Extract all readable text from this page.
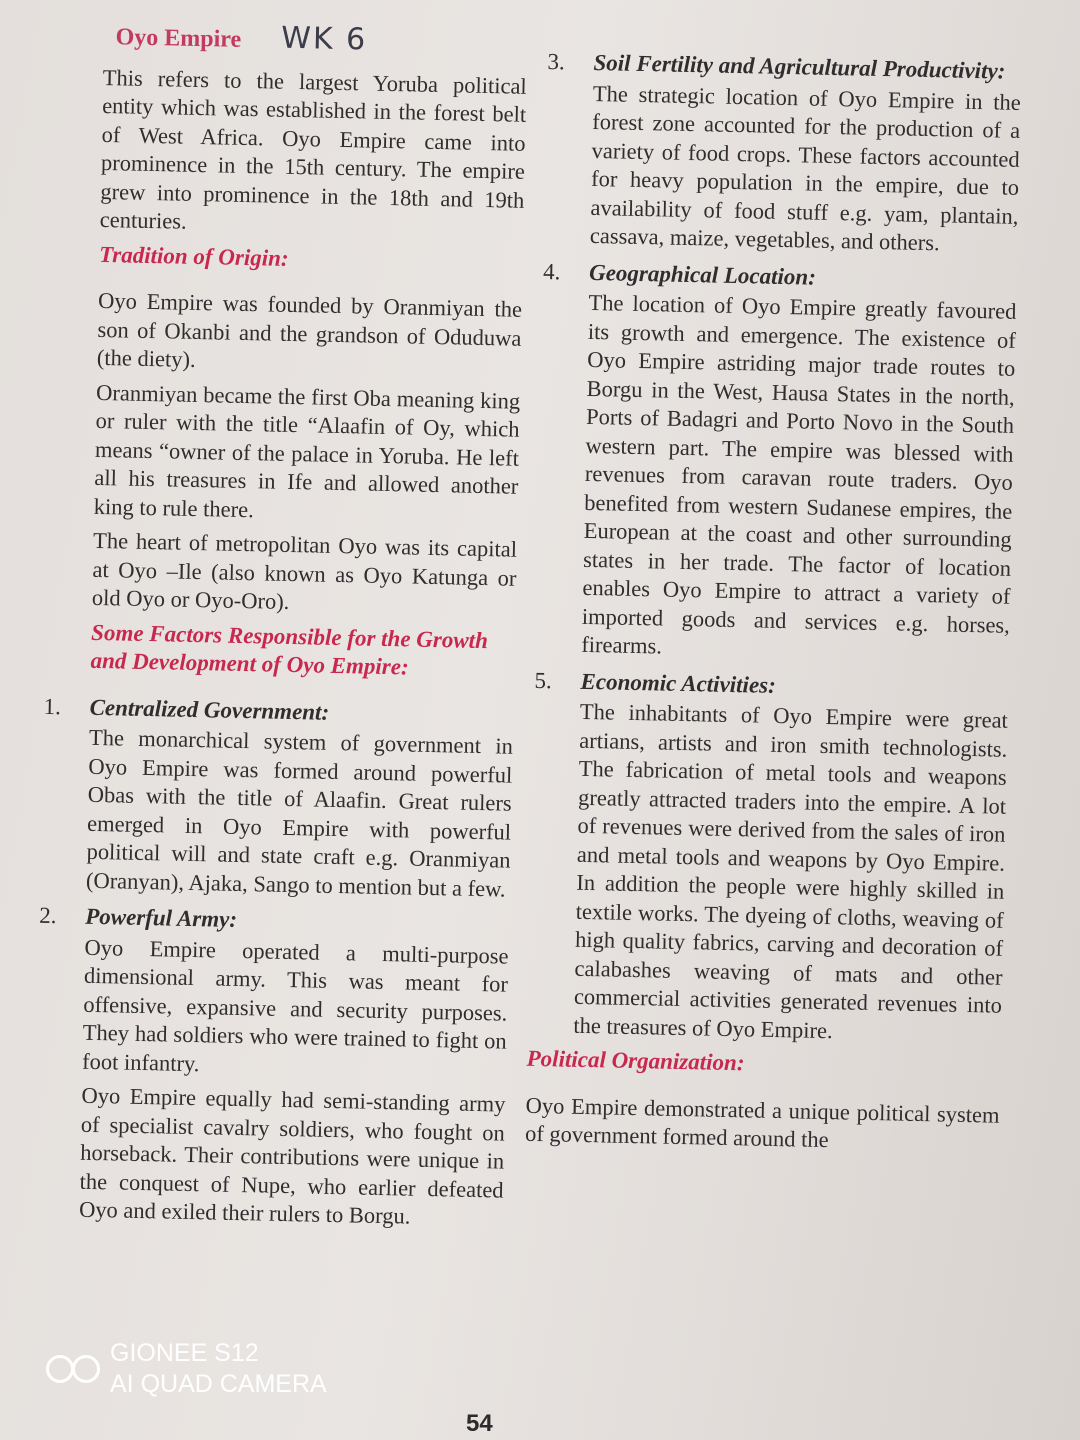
Oyo Empire WK 6

This refers to the largest Yoruba political entity which was established in the forest belt of West Africa. Oyo Empire came into prominence in the 15th century. The empire grew into prominence in the 18th and 19th centuries.

Tradition of Origin:

Oyo Empire was founded by Oranmiyan the son of Okanbi and the grandson of Oduduwa (the diety).

Oranmiyan became the first Oba meaning king or ruler with the title “Alaafin of Oy, which means “owner of the palace in Yoruba. He left all his treasures in Ife and allowed another king to rule there.

The heart of metropolitan Oyo was its capital at Oyo –Ile (also known as Oyo Katunga or old Oyo or Oyo-Oro).

Some Factors Responsible for the Growth and Development of Oyo Empire:
1.	Centralized Government:

The monarchical system of government in Oyo Empire was formed around powerful Obas with the title of Alaafin. Great rulers emerged in Oyo Empire with powerful political will and state craft e.g. Oranmiyan (Oranyan), Ajaka, Sango to mention but a few.

2.	Powerful Army:

Oyo Empire operated a multi-purpose dimensional army. This was meant for offensive, expansive and security purposes. They had soldiers who were trained to fight on foot infantry.

Oyo Empire equally had semi-standing army of specialist cavalry soldiers, who fought on horseback. Their contributions were unique in the conquest of Nupe, who earlier defeated Oyo and exiled their rulers to Borgu.

3.	Soil Fertility and Agricultural Productivity:

The strategic location of Oyo Empire in the forest zone accounted for the production of a variety of food crops. These factors accounted for heavy population in the empire, due to availability of food stuff e.g. yam, plantain, cassava, maize, vegetables, and others.

4.	Geographical Location:

The location of Oyo Empire greatly favoured its growth and emergence. The existence of Oyo Empire astriding major trade routes to Borgu in the West, Hausa States in the north, Ports of Badagri and Porto Novo in the South western part. The empire was blessed with revenues from caravan route traders. Oyo benefited from western Sudanese empires, the European at the coast and other surrounding states in her trade. The factor of location enables Oyo Empire to attract a variety of imported goods and services e.g. horses, firearms.

5.	Economic Activities:

The inhabitants of Oyo Empire were great artians, artists and iron smith technologists. The fabrication of metal tools and weapons greatly attracted traders into the empire. A lot of revenues were derived from the sales of iron and metal tools and weapons by Oyo Empire. In addition the people were highly skilled in textile works. The dyeing of cloths, weaving of high quality fabrics, carving and decoration of calabashes weaving of mats and other commercial activities generated revenues into the treasures of Oyo Empire.

Political Organization:

Oyo Empire demonstrated a unique political system of government formed around the

GIONEE S12
AI QUAD CAMERA
54
